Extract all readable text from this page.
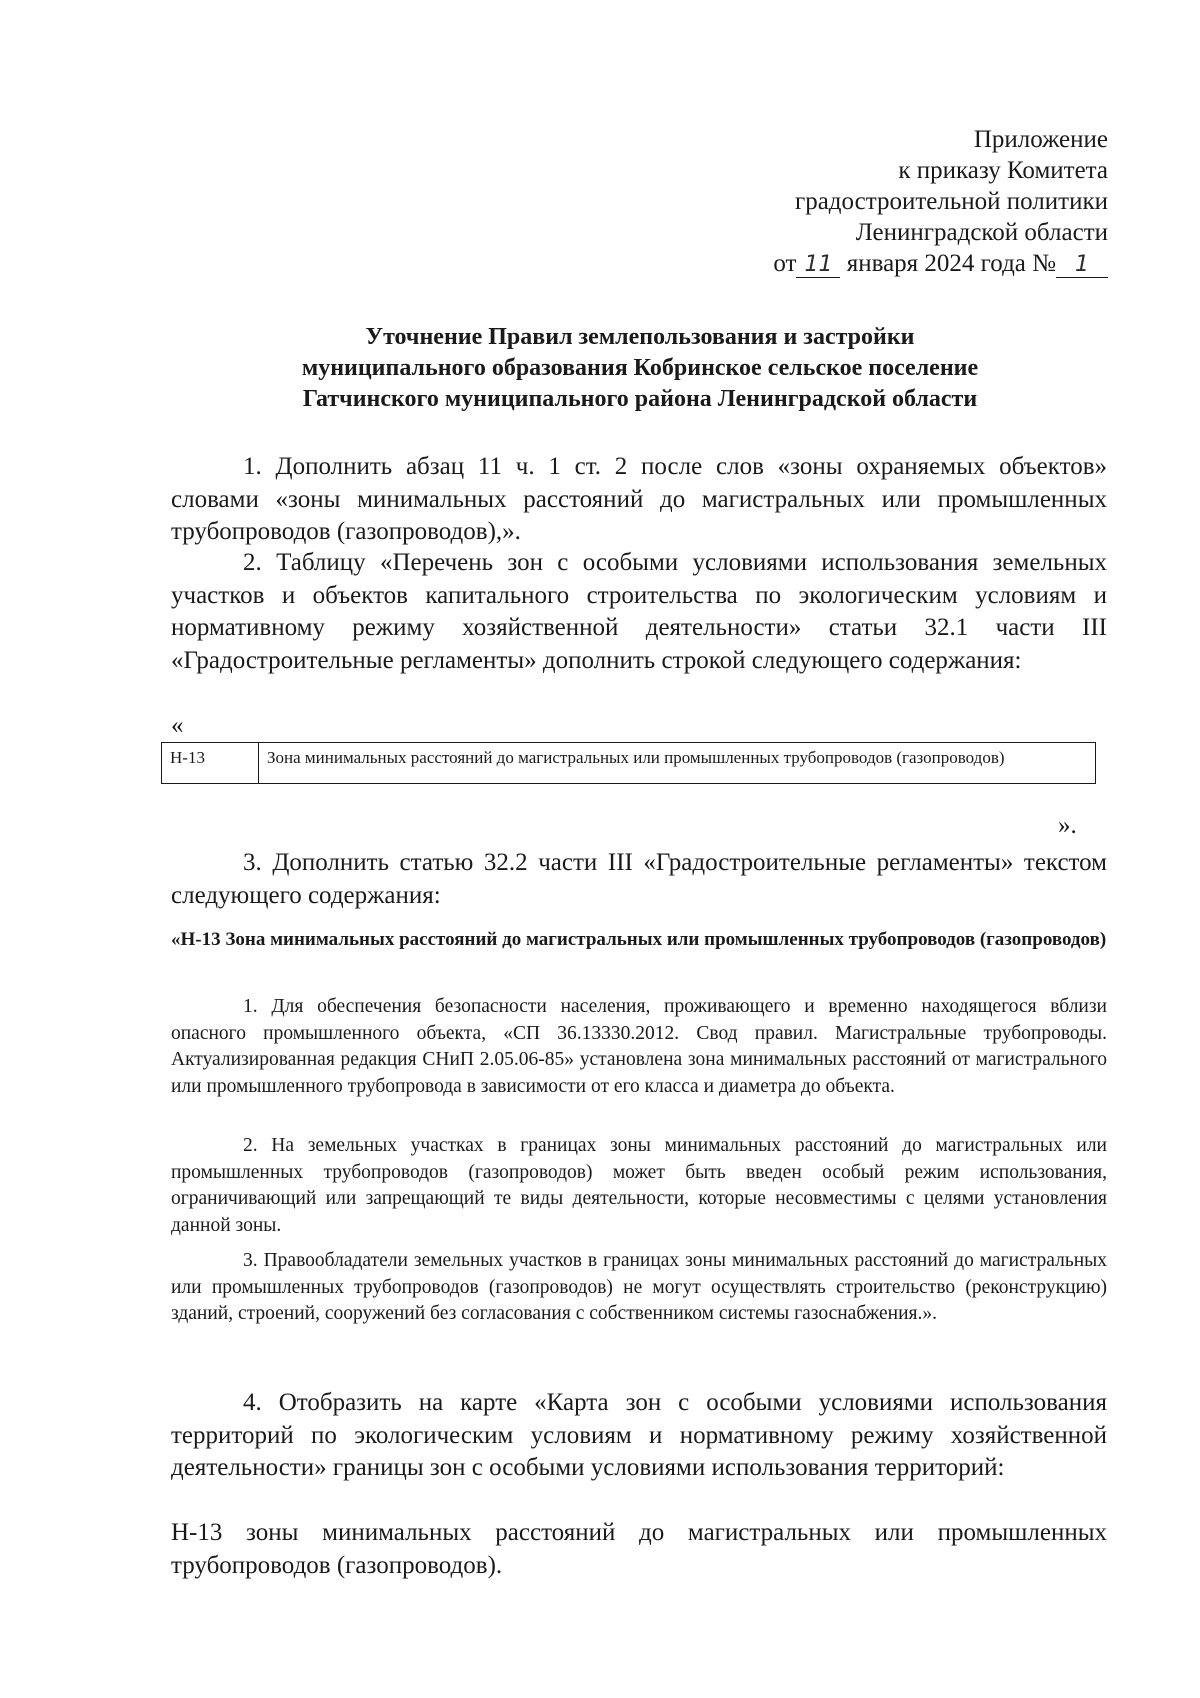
Приложение
к приказу Комитета
градостроительной политики
Ленинградской области
от 11 января 2024 года № 1
Уточнение Правил землепользования и застройки
муниципального образования Кобринское сельское поселение
Гатчинского муниципального района Ленинградской области

1. Дополнить абзац 11 ч. 1 ст. 2 после слов «зоны охраняемых объектов» словами «зоны минимальных расстояний до магистральных или промышленных трубопроводов (газопроводов),».

2. Таблицу «Перечень зон с особыми условиями использования земельных участков и объектов капитального строительства по экологическим условиям и нормативному режиму хозяйственной деятельности» статьи 32.1 части III «Градостроительные регламенты» дополнить строкой следующего содержания:

«
Н-13	Зона минимальных расстояний до магистральных или промышленных трубопроводов (газопроводов)
».

3. Дополнить статью 32.2 части III «Градостроительные регламенты» текстом следующего содержания:

«Н-13 Зона минимальных расстояний до магистральных или промышленных трубопроводов (газопроводов)

1. Для обеспечения безопасности населения, проживающего и временно находящегося вблизи опасного промышленного объекта, «СП 36.13330.2012. Свод правил. Магистральные трубопроводы. Актуализированная редакция СНиП 2.05.06-85» установлена зона минимальных расстояний от магистрального или промышленного трубопровода в зависимости от его класса и диаметра до объекта.

2. На земельных участках в границах зоны минимальных расстояний до магистральных или промышленных трубопроводов (газопроводов) может быть введен особый режим использования, ограничивающий или запрещающий те виды деятельности, которые несовместимы с целями установления данной зоны.

3. Правообладатели земельных участков в границах зоны минимальных расстояний до магистральных или промышленных трубопроводов (газопроводов) не могут осуществлять строительство (реконструкцию) зданий, строений, сооружений без согласования с собственником системы газоснабжения.».

4. Отобразить на карте «Карта зон с особыми условиями использования территорий по экологическим условиям и нормативному режиму хозяйственной деятельности» границы зон с особыми условиями использования территорий:

Н-13 зоны минимальных расстояний до магистральных или промышленных трубопроводов (газопроводов).
